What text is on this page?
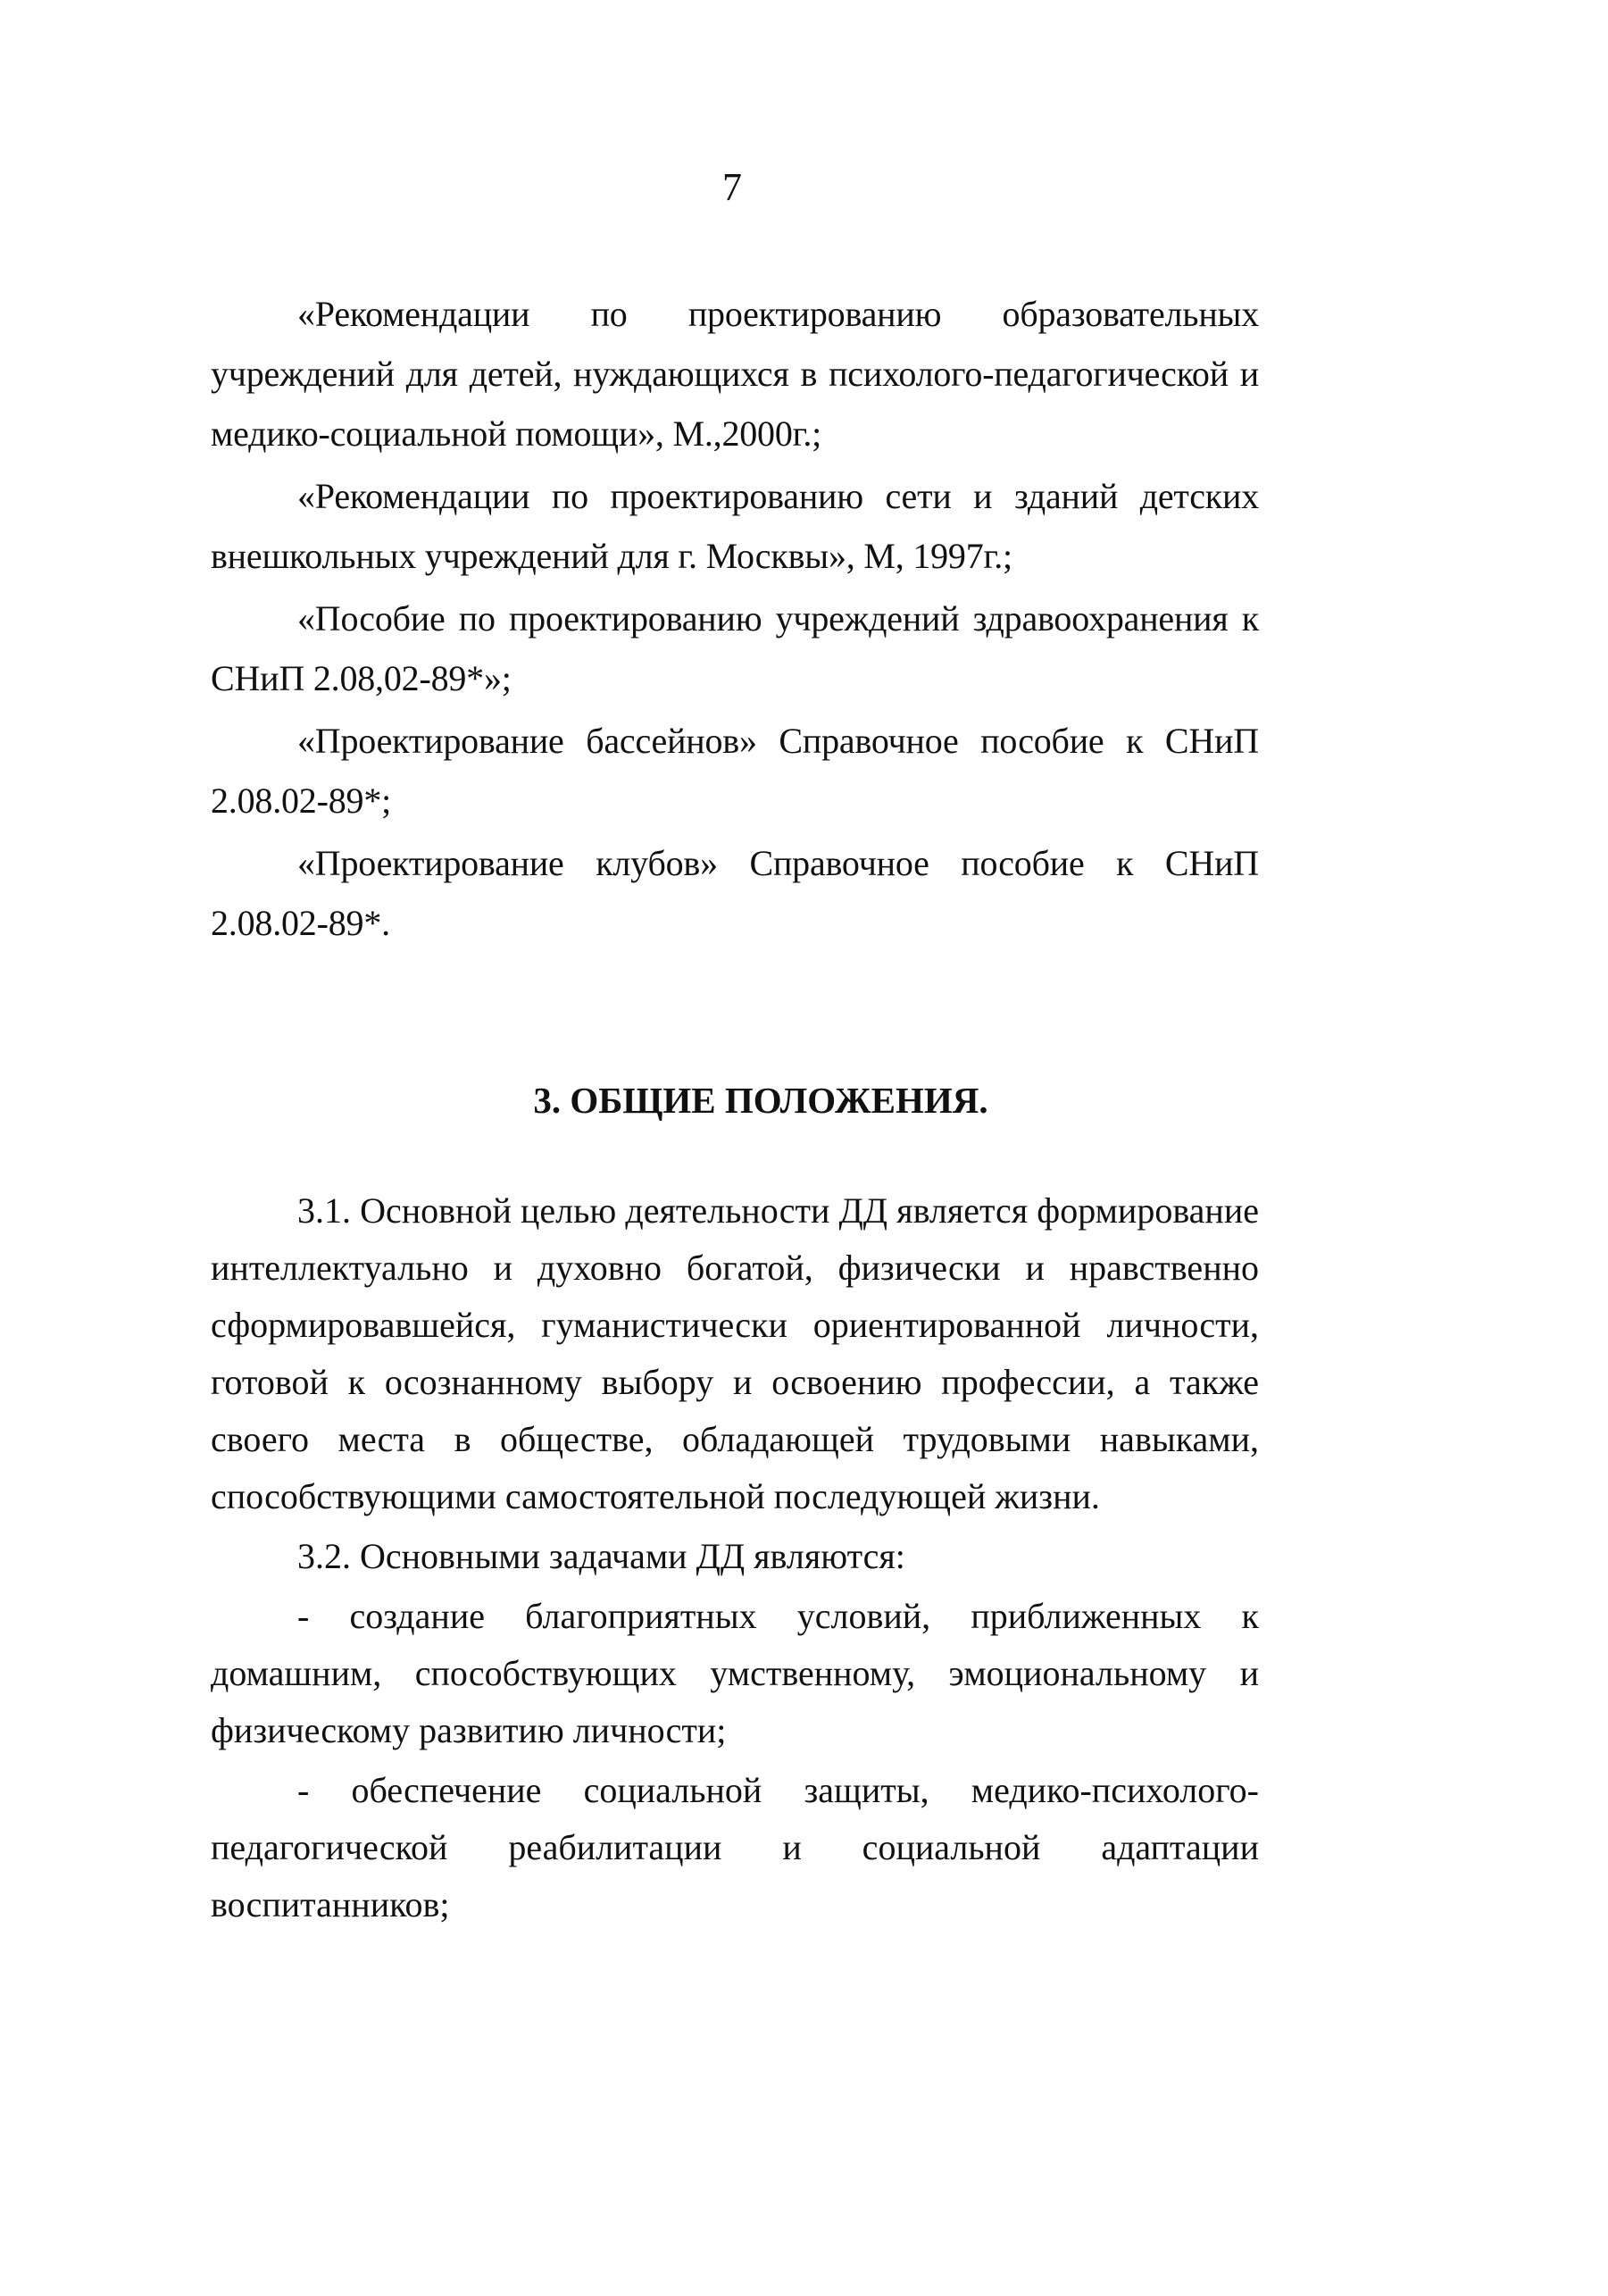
7

«Рекомендации по проектированию образовательных учреждений для детей, нуждающихся в психолого-педагогической и медико-социальной помощи», М.,2000г.;

«Рекомендации по проектированию сети и зданий детских внешкольных учреждений для г. Москвы», М, 1997г.;

«Пособие по проектированию учреждений здравоохранения к СНиП 2.08,02-89*»;

«Проектирование бассейнов» Справочное пособие к СНиП 2.08.02-89*;

«Проектирование клубов» Справочное пособие к СНиП 2.08.02-89*.

3. ОБЩИЕ ПОЛОЖЕНИЯ.

3.1. Основной целью деятельности ДД является формирование интеллектуально и духовно богатой, физически и нравственно сформировавшейся, гуманистически ориентированной личности, готовой к осознанному выбору и освоению профессии, а также своего места в обществе, обладающей трудовыми навыками, способствующими самостоятельной последующей жизни.

3.2. Основными задачами ДД являются:

- создание благоприятных условий, приближенных к домашним, способствующих умственному, эмоциональному и физическому развитию личности;

- обеспечение социальной защиты, медико-психолого-педагогической реабилитации и социальной адаптации воспитанников;
